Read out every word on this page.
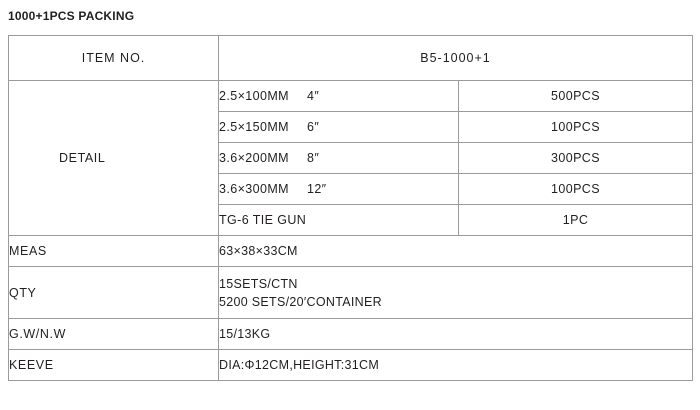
1000+1PCS PACKING
ITEM NO.	B5-1000+1	
DETAIL	2.5×100MM 4″	500PCS
	2.5×150MM 6″	100PCS
	3.6×200MM 8″	300PCS
	3.6×300MM 12″	100PCS
	TG-6 TIE GUN	1PC
MEAS	63×38×33CM	
QTY	15SETS/CTN
5200 SETS/20′CONTAINER	

G.W/N.W	15/13KG	
KEEVE	DIA:Φ12CM,HEIGHT:31CM	
